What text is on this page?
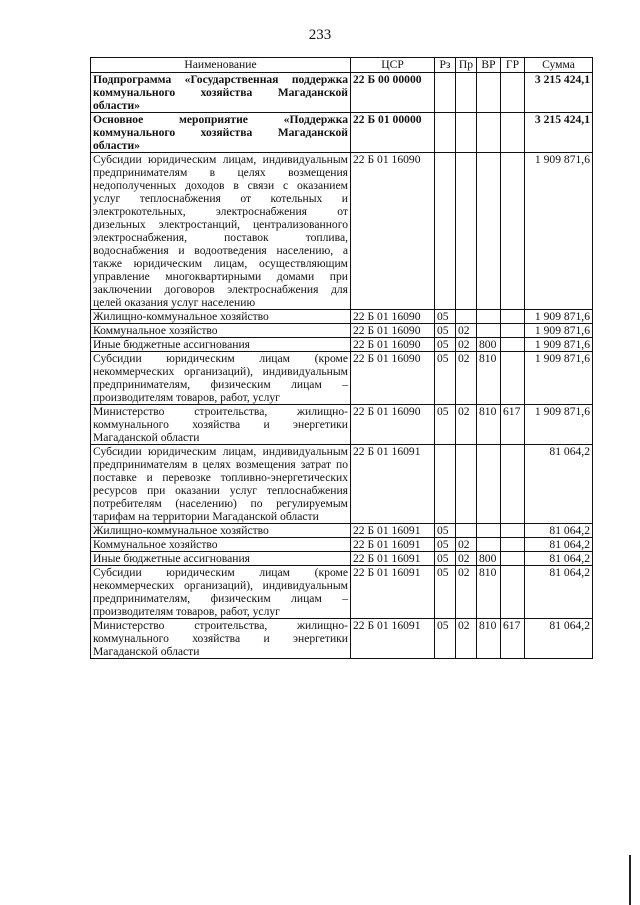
233
Наименование	ЦСР	Рз	Пр	ВР	ГР	Сумма
Подпрограмма «Государственная поддержка коммунального хозяйства Магаданской области»	22 Б 00 00000					3 215 424,1
Основное мероприятие «Поддержка коммунального хозяйства Магаданской области»	22 Б 01 00000					3 215 424,1
Субсидии юридическим лицам, индивидуальным предпринимателям в целях возмещения недополученных доходов в связи с оказанием услуг теплоснабжения от котельных и электрокотельных, электроснабжения от дизельных электростанций, централизованного электроснабжения, поставок топлива, водоснабжения и водоотведения населению, а также юридическим лицам, осуществляющим управление многоквартирными домами при заключении договоров электроснабжения для целей оказания услуг населению	22 Б 01 16090					1 909 871,6
Жилищно-коммунальное хозяйство	22 Б 01 16090	05				1 909 871,6
Коммунальное хозяйство	22 Б 01 16090	05	02			1 909 871,6
Иные бюджетные ассигнования	22 Б 01 16090	05	02	800		1 909 871,6
Субсидии юридическим лицам (кроме некоммерческих организаций), индивидуальным предпринимателям, физическим лицам – производителям товаров, работ, услуг	22 Б 01 16090	05	02	810		1 909 871,6
Министерство строительства, жилищно-коммунального хозяйства и энергетики Магаданской области	22 Б 01 16090	05	02	810	617	1 909 871,6
Субсидии юридическим лицам, индивидуальным предпринимателям в целях возмещения затрат по поставке и перевозке топливно-энергетических ресурсов при оказании услуг теплоснабжения потребителям (населению) по регулируемым тарифам на территории Магаданской области	22 Б 01 16091					81 064,2
Жилищно-коммунальное хозяйство	22 Б 01 16091	05				81 064,2
Коммунальное хозяйство	22 Б 01 16091	05	02			81 064,2
Иные бюджетные ассигнования	22 Б 01 16091	05	02	800		81 064,2
Субсидии юридическим лицам (кроме некоммерческих организаций), индивидуальным предпринимателям, физическим лицам – производителям товаров, работ, услуг	22 Б 01 16091	05	02	810		81 064,2
Министерство строительства, жилищно-коммунального хозяйства и энергетики Магаданской области	22 Б 01 16091	05	02	810	617	81 064,2
